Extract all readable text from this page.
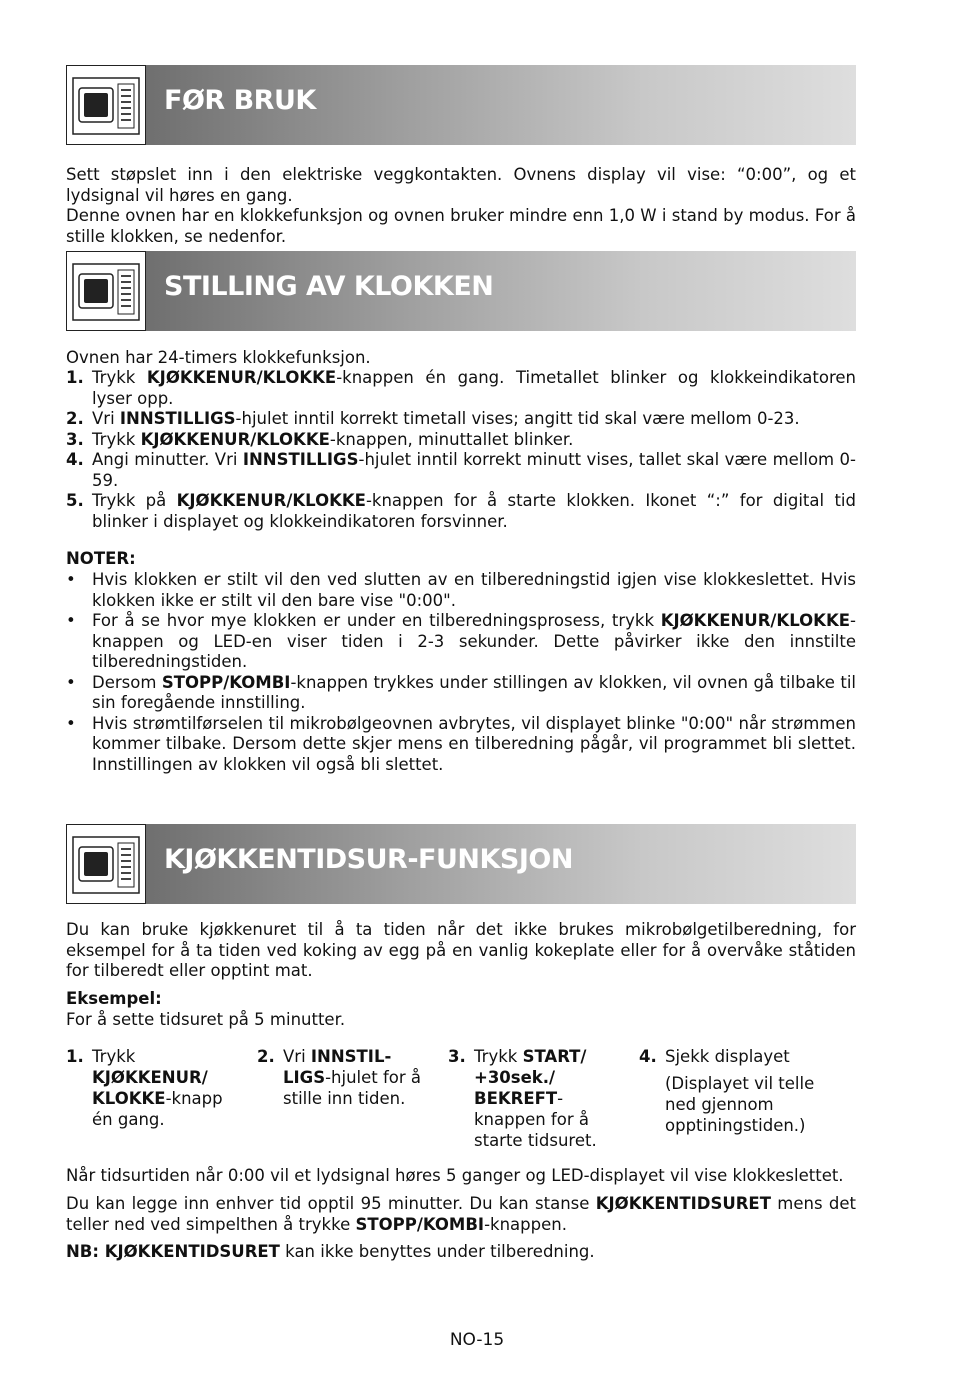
FØR BRUK

Sett støpslet inn i den elektriske veggkontakten. Ovnens display vil vise: “0:00”, og et lydsignal vil høres en gang.

Denne ovnen har en klokkefunksjon og ovnen bruker mindre enn 1,0 W i stand by modus. For å stille klokken, se nedenfor.

STILLING AV KLOKKEN
Ovnen har 24-timers klokkefunksjon.
1. Trykk KJØKKENUR/KLOKKE-knappen én gang. Timetallet blinker og klokkeindikatoren lyser opp.
2. Vri INNSTILLIGS-hjulet inntil korrekt timetall vises; angitt tid skal være mellom 0-23.
3. Trykk KJØKKENUR/KLOKKE-knappen, minuttallet blinker.
4. Angi minutter. Vri INNSTILLIGS-hjulet inntil korrekt minutt vises, tallet skal være mellom 0-59.
5. Trykk på KJØKKENUR/KLOKKE-knappen for å starte klokken. Ikonet “:” for digital tid blinker i displayet og klokkeindikatoren forsvinner.
NOTER:
• Hvis klokken er stilt vil den ved slutten av en tilberedningstid igjen vise klokkeslettet. Hvis klokken ikke er stilt vil den bare vise "0:00".
• For å se hvor mye klokken er under en tilberedningsprosess, trykk KJØKKENUR/KLOKKE-knappen og LED-en viser tiden i 2-3 sekunder. Dette påvirker ikke den innstilte tilberedningstiden.
• Dersom STOPP/KOMBI-knappen trykkes under stillingen av klokken, vil ovnen gå tilbake til sin foregående innstilling.
• Hvis strømtilførselen til mikrobølgeovnen avbrytes, vil displayet blinke "0:00" når strømmen kommer tilbake. Dersom dette skjer mens en tilberedning pågår, vil programmet bli slettet. Innstillingen av klokken vil også bli slettet.
KJØKKENTIDSUR-FUNKSJON
Du kan bruke kjøkkenuret til å ta tiden når det ikke brukes mikrobølgetilberedning, for eksempel for å ta tiden ved koking av egg på en vanlig kokeplate eller for å overvåke ståtiden for tilberedt eller opptint mat.
Eksempel:
For å sette tidsuret på 5 minutter.
1. Trykk KJØKKENUR/ KLOKKE-knapp én gang.
2. Vri INNSTIL-LIGS-hjulet for å stille inn tiden.
3. Trykk START/ +30sek./ BEKREFT-knappen for å starte tidsuret.
4. Sjekk displayet
(Displayet vil telle ned gjennom opptiningstiden.)
Når tidsurtiden når 0:00 vil et lydsignal høres 5 ganger og LED-displayet vil vise klokkeslettet.
Du kan legge inn enhver tid opptil 95 minutter. Du kan stanse KJØKKENTIDSURET mens det teller ned ved simpelthen å trykke STOPP/KOMBI-knappen.
NB: KJØKKENTIDSURET kan ikke benyttes under tilberedning.
NO-15
